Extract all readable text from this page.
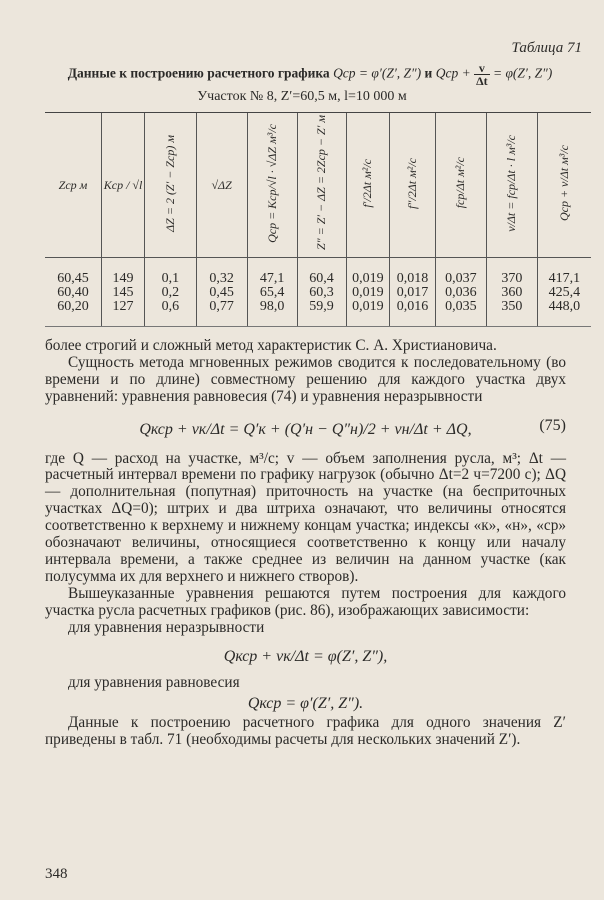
Таблица 71
Данные к построению расчетного графика Qср = φ′(Z′, Z″) и Qср + $\frac{v}{\Delta t} = \varphi(Z'$, Z″)
Участок № 8, Z′=60,5 м, l=10 000 м
Zср м	Kср / √l	ΔZ = 2 (Z′ − Zср) м	√ΔZ	Qср = Kср/√l · √ΔZ м³/с	Z″ = Z′ − ΔZ = 2Zср − Z′ м	f′/2Δt м²/с	f″/2Δt м²/с	fср/Δt м²/с	v/Δt = fср/Δt · l м³/с	Qср + v/Δt м³/с
60,45	149	0,1	0,32	47,1	60,4	0,019	0,018	0,037	370	417,1
60,40	145	0,2	0,45	65,4	60,3	0,019	0,017	0,036	360	425,4
60,20	127	0,6	0,77	98,0	59,9	0,019	0,016	0,035	350	448,0

более строгий и сложный метод характеристик С. А. Христиановича.

Сущность метода мгновенных режимов сводится к последовательному (во времени и по длине) совместному решению для каждого участка двух уравнений: уравнения равновесия (74) и уравнения неразрывности

Qкср + vк/Δt = Q′к + (Q′н − Q″н)/2 + vн/Δt + ΔQ,	(75)

где Q — расход на участке, м³/с; v — объем заполнения русла, м³; Δt — расчетный интервал времени по графику нагрузок (обычно Δt=2 ч=7200 с); ΔQ — дополнительная (попутная) приточность на участке (на бесприточных участках ΔQ=0); штрих и два штриха означают, что величины относятся соответственно к верхнему и нижнему концам участка; индексы «к», «н», «ср» обозначают величины, относящиеся соответственно к концу или началу интервала времени, а также среднее из величин на данном участке (как полусумма их для верхнего и нижнего створов).

Вышеуказанные уравнения решаются путем построения для каждого участка русла расчетных графиков (рис. 86), изображающих зависимости:

для уравнения неразрывности

Qкср + vк/Δt = φ(Z′, Z″),

для уравнения равновесия

Qкср = φ′(Z′, Z″).

Данные к построению расчетного графика для одного значения Z′ приведены в табл. 71 (необходимы расчеты для нескольких значений Z′).

348
